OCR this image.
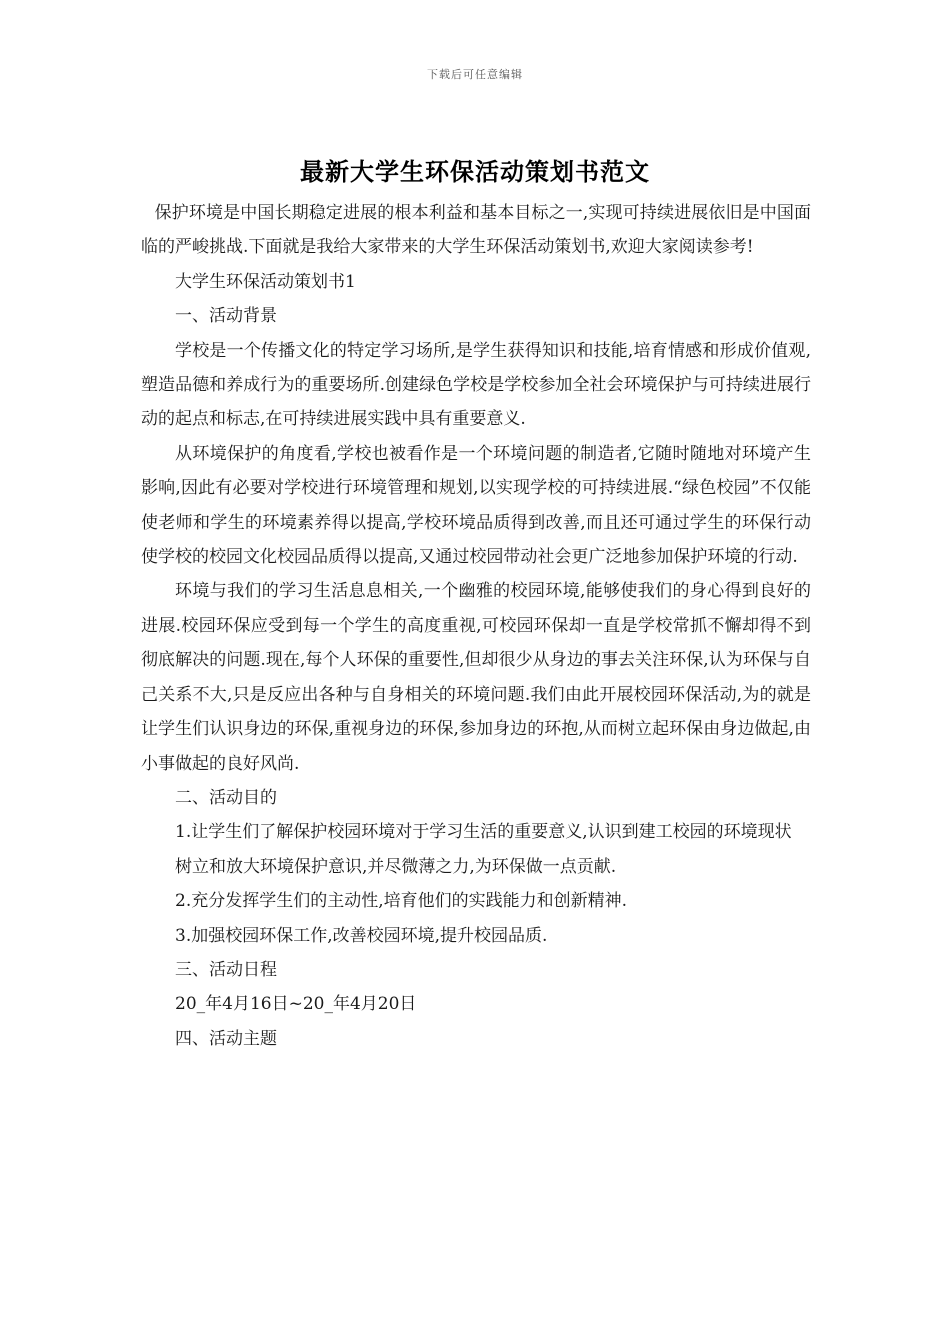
下载后可任意编辑
最新大学生环保活动策划书范文

保护环境是中国长期稳定进展的根本利益和基本目标之一,实现可持续进展依旧是中国面临的严峻挑战.下面就是我给大家带来的大学生环保活动策划书,欢迎大家阅读参考!

大学生环保活动策划书1

一、活动背景

学校是一个传播文化的特定学习场所,是学生获得知识和技能,培育情感和形成价值观,塑造品德和养成行为的重要场所.创建绿色学校是学校参加全社会环境保护与可持续进展行动的起点和标志,在可持续进展实践中具有重要意义.

从环境保护的角度看,学校也被看作是一个环境问题的制造者,它随时随地对环境产生影响,因此有必要对学校进行环境管理和规划,以实现学校的可持续进展.“绿色校园”不仅能使老师和学生的环境素养得以提高,学校环境品质得到改善,而且还可通过学生的环保行动使学校的校园文化校园品质得以提高,又通过校园带动社会更广泛地参加保护环境的行动.

环境与我们的学习生活息息相关,一个幽雅的校园环境,能够使我们的身心得到良好的进展.校园环保应受到每一个学生的高度重视,可校园环保却一直是学校常抓不懈却得不到彻底解决的问题.现在,每个人环保的重要性,但却很少从身边的事去关注环保,认为环保与自己关系不大,只是反应出各种与自身相关的环境问题.我们由此开展校园环保活动,为的就是让学生们认识身边的环保,重视身边的环保,参加身边的环抱,从而树立起环保由身边做起,由小事做起的良好风尚.

二、活动目的

1.让学生们了解保护校园环境对于学习生活的重要意义,认识到建工校园的环境现状

树立和放大环境保护意识,并尽微薄之力,为环保做一点贡献.

2.充分发挥学生们的主动性,培育他们的实践能力和创新精神.

3.加强校园环保工作,改善校园环境,提升校园品质.

三、活动日程

20_年4月16日~20_年4月20日

四、活动主题
